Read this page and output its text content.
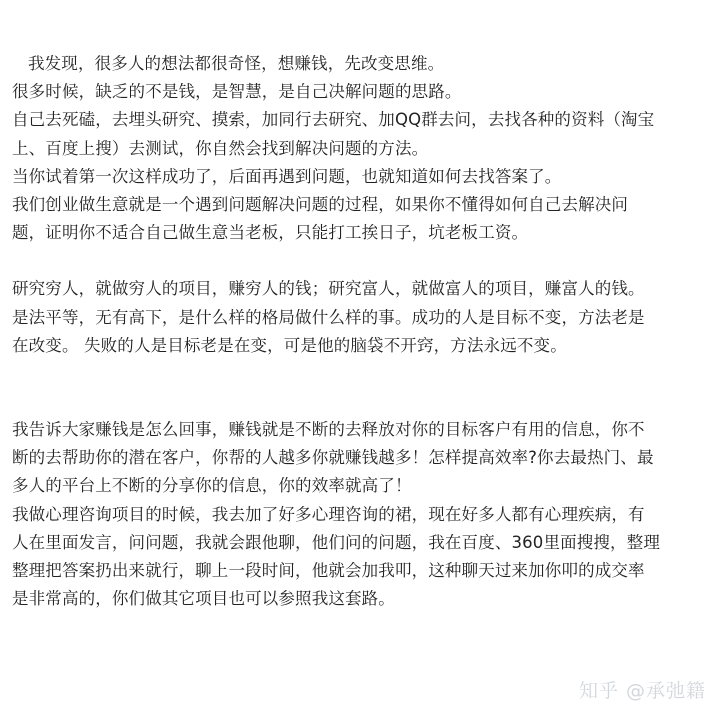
我发现，很多人的想法都很奇怪，想赚钱，先改变思维。
很多时候，缺乏的不是钱，是智慧，是自己决解问题的思路。
自己去死磕，去埋头研究、摸索，加同行去研究、加QQ群去问，去找各种的资料（淘宝
上、百度上搜）去测试，你自然会找到解决问题的方法。
当你试着第一次这样成功了，后面再遇到问题，也就知道如何去找答案了。
我们创业做生意就是一个遇到问题解决问题的过程，如果你不懂得如何自己去解决问
题，证明你不适合自己做生意当老板，只能打工挨日子，坑老板工资。
研究穷人，就做穷人的项目，赚穷人的钱；研究富人，就做富人的项目，赚富人的钱。
是法平等，无有高下，是什么样的格局做什么样的事。成功的人是目标不变，方法老是
在改变。 失败的人是目标老是在变，可是他的脑袋不开窍，方法永远不变。
我告诉大家赚钱是怎么回事，赚钱就是不断的去释放对你的目标客户有用的信息，你不
断的去帮助你的潜在客户，你帮的人越多你就赚钱越多！怎样提高效率?你去最热门、最
多人的平台上不断的分享你的信息，你的效率就高了！
我做心理咨询项目的时候，我去加了好多心理咨询的裙，现在好多人都有心理疾病，有
人在里面发言，问问题，我就会跟他聊，他们问的问题，我在百度、360里面搜搜，整理
整理把答案扔出来就行，聊上一段时间，他就会加我叩，这种聊天过来加你叩的成交率
是非常高的，你们做其它项目也可以参照我这套路。
知乎 @承弛籍
